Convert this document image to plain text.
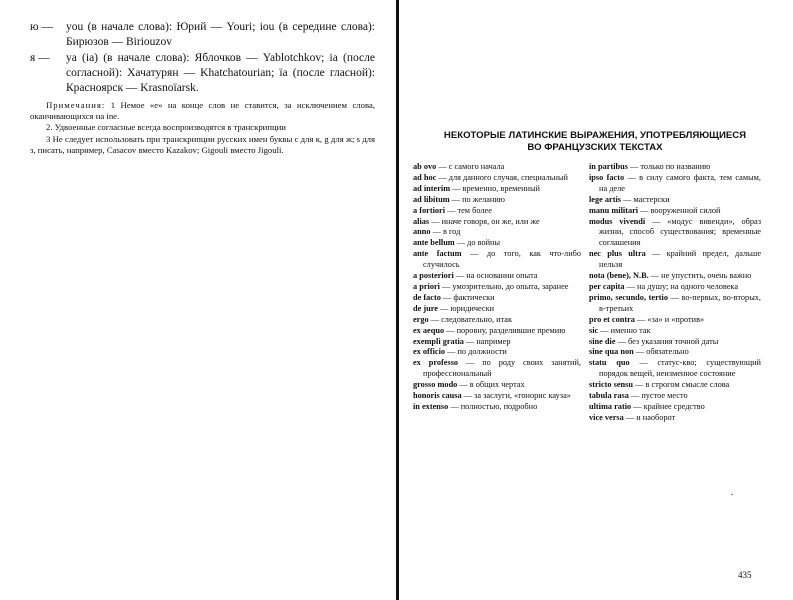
ю —	you (в начале слова): Юрий — Youri; iou (в середине слова): Бирюзов — Biriouzov
я —	ya (ia) (в начале слова): Яблочков — Yablotchkov; ia (после согласной): Хачатурян — Khatchatourian; ïa (после гласной): Красноярск — Krasnoïarsk.

Примечания: 1 Немое «е» на конце слов не ставится, за исключением слова, оканчивающихся на ine.

2. Удвоенные согласные всегда воспроизводятся в транскрипции

3 Не следует использовать при транскрипции русских имен буквы c для к, g для ж; s для з, писать, например, Casacov вместо Kazakov; Gigouli вместо Jigouli.

НЕКОТОРЫЕ ЛАТИНСКИЕ ВЫРАЖЕНИЯ, УПОТРЕБЛЯЮЩИЕСЯ
ВО ФРАНЦУЗСКИХ ТЕКСТАХ

ab ovo — с самого начала

ad hoc — для данного случая, специальный

ad interim — временно, временный

ad libitum — по желанию

a fortiori — тем более

alias — иначе говоря, он же, или же

anno — в год

ante bellum — до войны

ante factum — до того, как что-либо случилось

a posteriori — на основании опыта

a priori — умозрительно, до опыта, заранее

de facto — фактически

de jure — юридически

ergo — следовательно, итак

ex aequo — поровну, разделившие премию

exempli gratia — например

ex officio — по должности

ex professo — по роду своих занятий, профессиональный

grosso modo — в общих чертах

honoris causa — за заслуги, «гонорис кауза»

in extenso — полностью, подробно

in partibus — только по названию

ipso facto — в силу самого факта, тем самым, на деле

lege artis — мастерски

manu militari — вооруженной силой

modus vivendi — «модус вивенди», образ жизни, способ существования; временные соглашения

nec plus ultra — крайний предел, дальше нельзя

nota (bene), N.B. — не упустить, очень важно

per capita — на душу; на одного человека

primo, secundo, tertio — во-первых, во-вторых, в-третьих

pro et contra — «за» и «против»

sic — именно так

sine die — без указания точной даты

sine qua non — обязательно

statu quo — статус-кво; существующий порядок вещей, неизменное состояние

stricto sensu — в строгом смысле слова

tabula rasa — пустое место

ultima ratio — крайнее средство

vice versa — и наоборот

.
435
